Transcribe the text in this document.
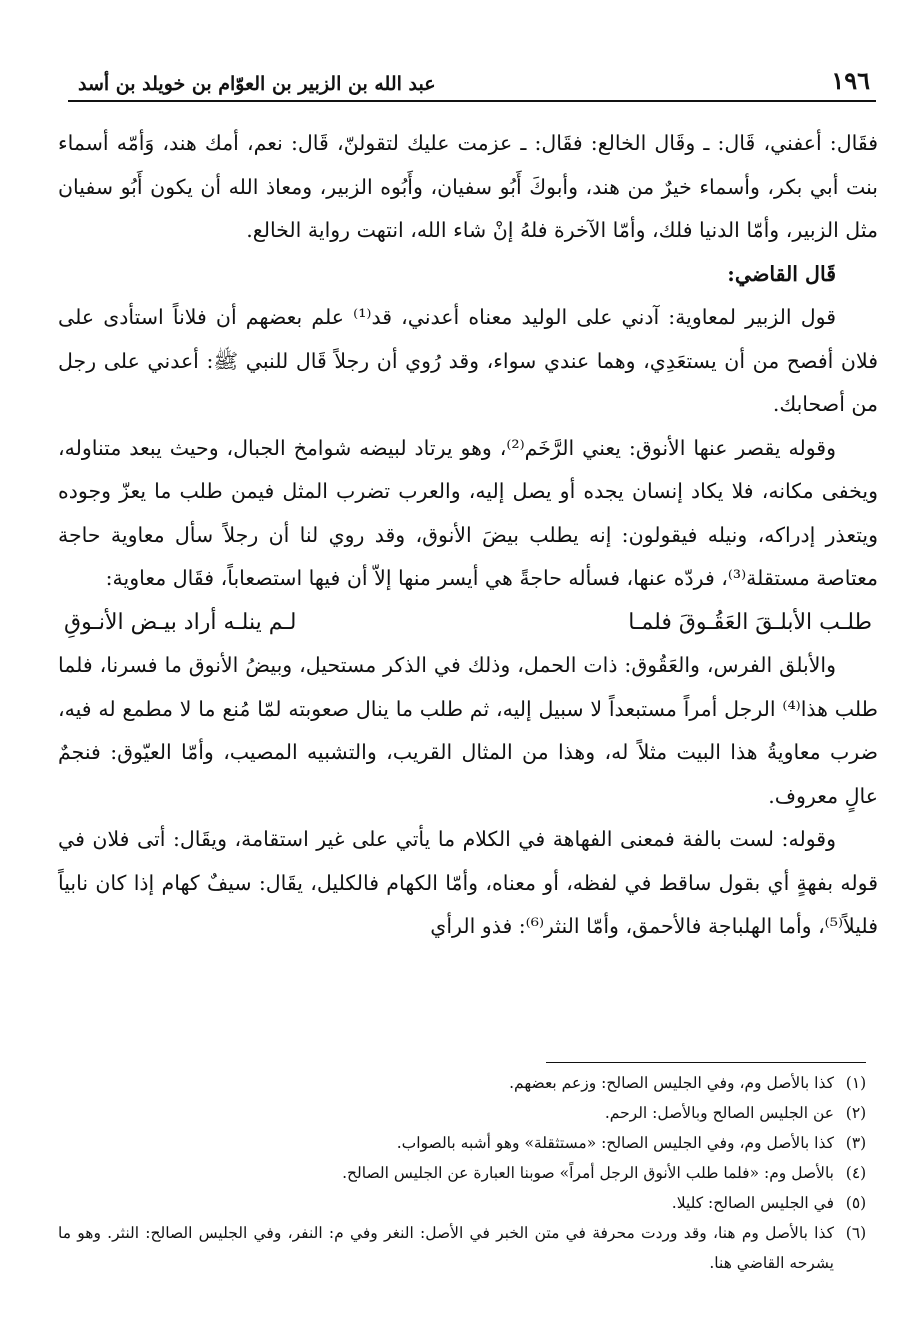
١٩٦
عبد الله بن الزبير بن العوّام بن خويلد بن أسد

فقَال: أعفني، قَال: ـ وقَال الخالع: فقَال: ـ عزمت عليك لتقولنّ، قَال: نعم، أمك هند، وَأمّه أسماء بنت أبي بكر، وأسماء خيرٌ من هند، وأبوكَ أَبُو سفيان، وأَبُوه الزبير، ومعاذ الله أن يكون أَبُو سفيان مثل الزبير، وأمّا الدنيا فلك، وأمّا الآخرة فلهُ إنْ شاء الله، انتهت رواية الخالع.

قَال القاضي:

قول الزبير لمعاوية: آدني على الوليد معناه أعدني، قد⁽¹⁾ علم بعضهم أن فلاناً استأدى على فلان أفصح من أن يستعَدِي، وهما عندي سواء، وقد رُوي أن رجلاً قَال للنبي ﷺ: أعدني على رجل من أصحابك.

وقوله يقصر عنها الأنوق: يعني الرَّخَم⁽²⁾، وهو يرتاد لبيضه شوامخ الجبال، وحيث يبعد متناوله، ويخفى مكانه، فلا يكاد إنسان يجده أو يصل إليه، والعرب تضرب المثل فيمن طلب ما يعزّ وجوده ويتعذر إدراكه، ونيله فيقولون: إنه يطلب بيضَ الأنوق، وقد روي لنا أن رجلاً سأل معاوية حاجة معتاصة مستقلة⁽³⁾، فردّه عنها، فسأله حاجةً هي أيسر منها إلاّ أن فيها استصعاباً، فقَال معاوية:

طلـب الأبلـقَ العَقُـوقَ فلمـا
لـم ينلـه أراد بيـض الأنـوقِ

والأبلق الفرس، والعَقُوق: ذات الحمل، وذلك في الذكر مستحيل، وبيضُ الأنوق ما فسرنا، فلما طلب هذا⁽⁴⁾ الرجل أمراً مستبعداً لا سبيل إليه، ثم طلب ما ينال صعوبته لمّا مُنع ما لا مطمع له فيه، ضرب معاويةُ هذا البيت مثلاً له، وهذا من المثال القريب، والتشبيه المصيب، وأمّا العيّوق: فنجمٌ عالٍ معروف.

وقوله: لست بالفة فمعنى الفهاهة في الكلام ما يأتي على غير استقامة، ويقَال: أتى فلان في قوله بفهةٍ أي بقول ساقط في لفظه، أو معناه، وأمّا الكهام فالكليل، يقَال: سيفٌ كهام إذا كان نابياً فليلاً⁽⁵⁾، وأما الهلباجة فالأحمق، وأمّا النثر⁽⁶⁾: فذو الرأي

(١)
كذا بالأصل وم، وفي الجليس الصالح: وزعم بعضهم.
(٢)
عن الجليس الصالح وبالأصل: الرحم.
(٣)
كذا بالأصل وم، وفي الجليس الصالح: «مستثقلة» وهو أشبه بالصواب.
(٤)
بالأصل وم: «فلما طلب الأنوق الرجل أمراً» صوبنا العبارة عن الجليس الصالح.
(٥)
في الجليس الصالح: كليلا.
(٦)
كذا بالأصل وم هنا، وقد وردت محرفة في متن الخبر في الأصل: النغر وفي م: النفر، وفي الجليس الصالح: النثر. وهو ما يشرحه القاضي هنا.
